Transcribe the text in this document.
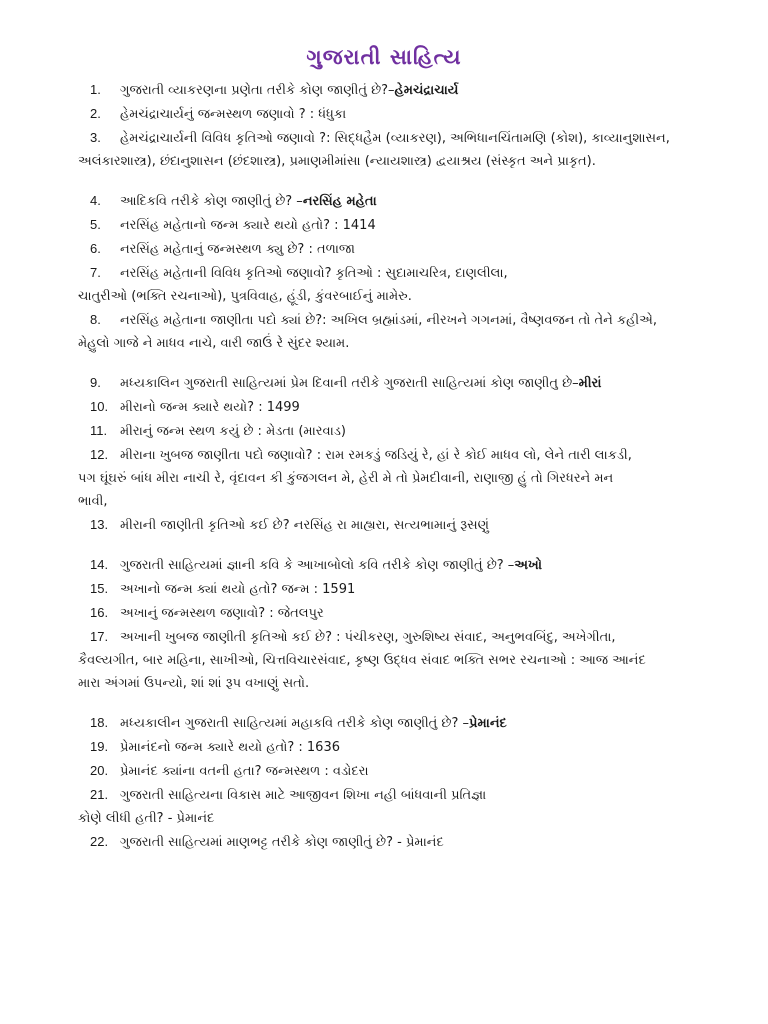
ગુજરાતી સાહિત્ય
1. ગુજરાતી વ્યાકરણના પ્રણેતા તરીકે કોણ જાણીતું છે?–હેમચંદ્રાચાર્ય
2. હેમચંદ્રાચાર્યનું જન્મસ્થળ જણાવો ? : ધંધુકા
3. હેમચંદ્રાચાર્યની વિવિધ કૃતિઓ જણાવો ?: સિદ્ધહૈમ (વ્યાકરણ), અભિધાનચિંતામણિ (કોશ), કાવ્યાનુશાસન,
અલંકારશાસ્ત્ર), છંદાનુશાસન (છંદશાસ્ત્ર), પ્રમાણમીમાંસા (ન્યાયશાસ્ત્ર) દ્વયાશ્રય (સંસ્કૃત અને પ્રાકૃત).
4. આદિકવિ તરીકે કોણ જાણીતું છે? –નરસિંહ મહેતા
5. નરસિંહ મહેતાનો જન્મ ક્યારે થયો હતો? : 1414
6. નરસિંહ મહેતાનું જન્મસ્થળ ક્યુ છે? : તળાજા
7. નરસિંહ મહેતાની વિવિધ કૃતિઓ જણાવો? કૃતિઓ : સુદામાચરિત્ર, દાણલીલા,
ચાતુરીઓ (ભક્તિ રચનાઓ), પુત્રવિવાહ, હૂંડી, કુંવરબાઈનું મામેરુ.
8. નરસિંહ મહેતાના જાણીતા પદો ક્યાં છે?: અખિલ બ્રહ્માંડમાં, નીરખને ગગનમાં, વૈષ્ણવજન તો તેને કહીએ,
મેહુલો ગાજે ને માધવ નાચે, વારી જાઉં રે સુંદર શ્યામ.
9. મધ્યકાલિન ગુજરાતી સાહિત્યમાં પ્રેમ દિવાની તરીકે ગુજરાતી સાહિત્યમાં કોણ જાણીતુ છે–મીરાં
10. મીરાનો જન્મ ક્યારે થયો? : 1499
11. મીરાનું જન્મ સ્થળ કયું છે : મેડતા (મારવાડ)
12. મીરાના ખુબજ જાણીતા પદો જણાવો? : રામ રમકડું જડિયું રે, હાં રે કોઈ માધવ લો, લેને તારી લાકડી,
પગ ઘૂંઘરું બાંધ મીરા નાચી રે, વૃંદાવન કી કુંજગલન મે, હેરી મે તો પ્રેમદીવાની, રાણાજી હું તો ગિરધરને મન
ભાવી,
13. મીરાની જાણીતી કૃતિઓ કઈ છે? નરસિંહ રા માહ્યરા, સત્યભામાનું રૂસણું
14. ગુજરાતી સાહિત્યમાં જ્ઞાની કવિ કે આખાબોલો કવિ તરીકે કોણ જાણીતું છે? –અખો
15. અખાનો જન્મ ક્યાં થયો હતો? જન્મ : 1591
16. અખાનું જન્મસ્થળ જણાવો? : જેતલપુર
17. અખાની ખુબજ જાણીતી કૃતિઓ કઈ છે? : પંચીકરણ, ગુરુશિષ્ય સંવાદ, અનુભવબિંદુ, અખેગીતા,
કૈવલ્યગીત, બાર મહિના, સાખીઓ, ચિત્તવિચારસંવાદ, કૃષ્ણ ઉદ્ધવ સંવાદ ભક્તિ સભર રચનાઓ : આજ આનંદ
મારા અંગમાં ઉપન્યો, શાં શાં રૂપ વખાણું સતો.
18. મધ્યકાલીન ગુજરાતી સાહિત્યમાં મહાકવિ તરીકે કોણ જાણીતું છે? –પ્રેમાનંદ
19. પ્રેમાનંદનો જન્મ ક્યારે થયો હતો? : 1636
20. પ્રેમાનંદ ક્યાંના વતની હતા? જન્મસ્થળ : વડોદરા
21. ગુજરાતી સાહિત્યના વિકાસ માટે આજીવન શિખા નહી બાંધવાની પ્રતિજ્ઞા
કોણે લીધી હતી? - પ્રેમાનંદ
22. ગુજરાતી સાહિત્યમાં માણભટ્ટ તરીકે કોણ જાણીતું છે? - પ્રેમાનંદ
